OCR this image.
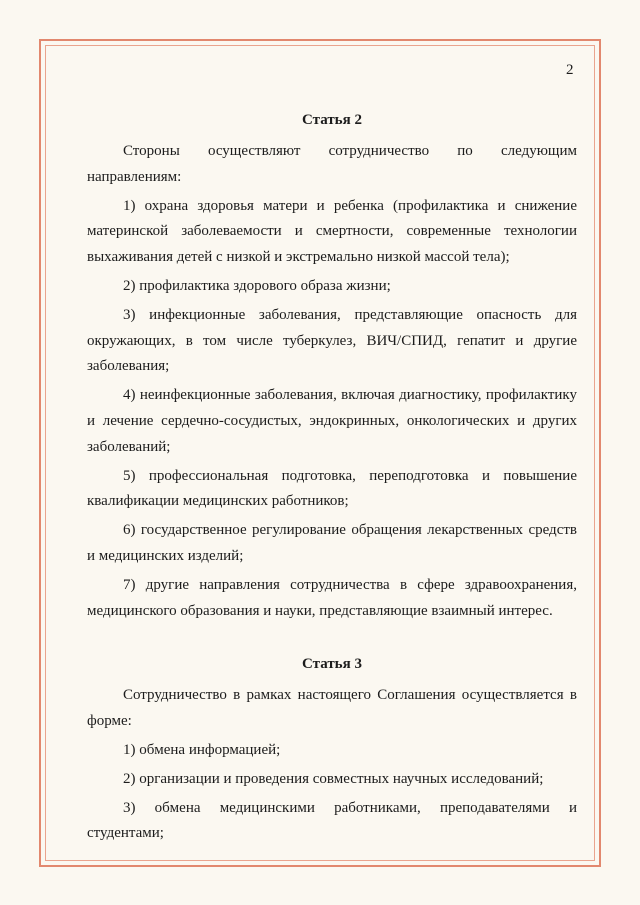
2
Статья 2

Стороны осуществляют сотрудничество по следующим направлениям:

1) охрана здоровья матери и ребенка (профилактика и снижение материнской заболеваемости и смертности, современные технологии выхаживания детей с низкой и экстремально низкой массой тела);

2) профилактика здорового образа жизни;

3) инфекционные заболевания, представляющие опасность для окружающих, в том числе туберкулез, ВИЧ/СПИД, гепатит и другие заболевания;

4) неинфекционные заболевания, включая диагностику, профилактику и лечение сердечно-сосудистых, эндокринных, онкологических и других заболеваний;

5) профессиональная подготовка, переподготовка и повышение квалификации медицинских работников;

6) государственное регулирование обращения лекарственных средств и медицинских изделий;

7) другие направления сотрудничества в сфере здравоохранения, медицинского образования и науки, представляющие взаимный интерес.

Статья 3

Сотрудничество в рамках настоящего Соглашения осуществляется в форме:

1) обмена информацией;

2) организации и проведения совместных научных исследований;

3) обмена медицинскими работниками, преподавателями и студентами;
